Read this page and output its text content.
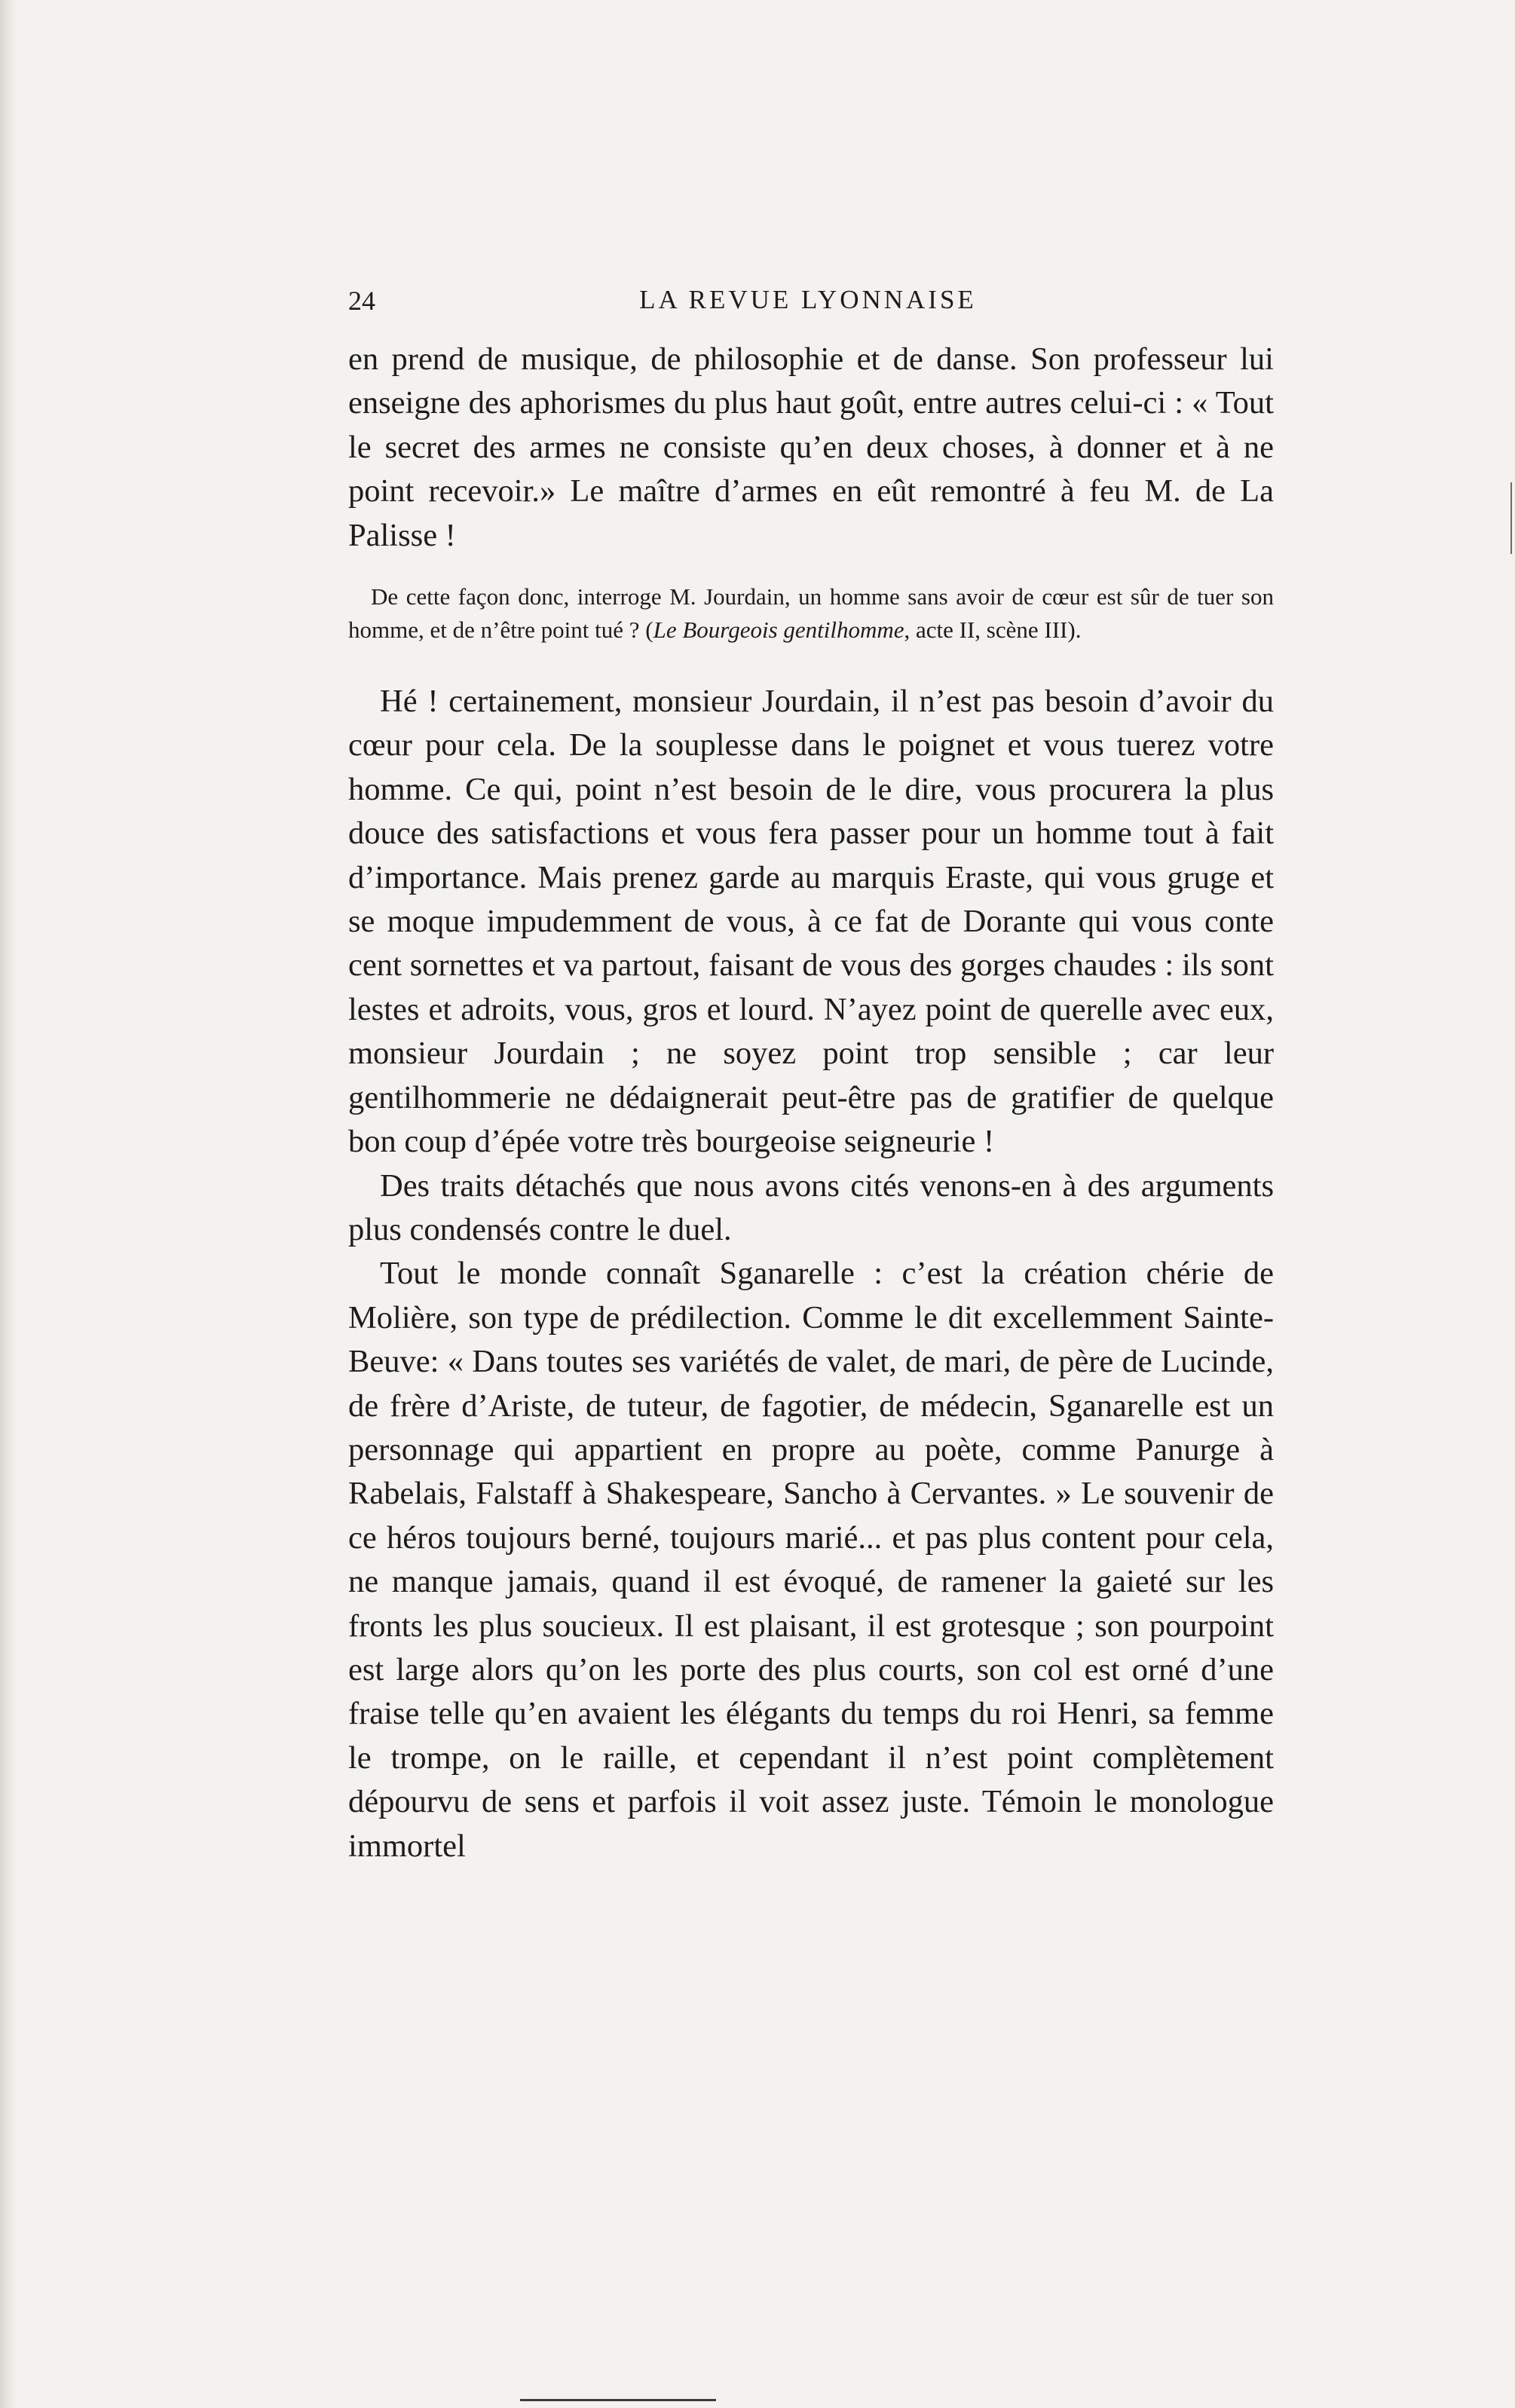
24	LA REVUE LYONNAISE

en prend de musique, de philosophie et de danse. Son professeur lui enseigne des aphorismes du plus haut goût, entre autres celui-ci : « Tout le secret des armes ne consiste qu’en deux choses, à donner et à ne point recevoir.» Le maître d’armes en eût remontré à feu M. de La Palisse !

De cette façon donc, interroge M. Jourdain, un homme sans avoir de cœur est sûr de tuer son homme, et de n’être point tué ? (Le Bourgeois gentilhomme, acte II, scène III).

Hé ! certainement, monsieur Jourdain, il n’est pas besoin d’avoir du cœur pour cela. De la souplesse dans le poignet et vous tuerez votre homme. Ce qui, point n’est besoin de le dire, vous procurera la plus douce des satisfactions et vous fera passer pour un homme tout à fait d’importance. Mais prenez garde au marquis Eraste, qui vous gruge et se moque impudemment de vous, à ce fat de Dorante qui vous conte cent sornettes et va partout, faisant de vous des gorges chaudes : ils sont lestes et adroits, vous, gros et lourd. N’ayez point de querelle avec eux, monsieur Jourdain ; ne soyez point trop sensible ; car leur gentilhommerie ne dédaignerait peut-être pas de gratifier de quelque bon coup d’épée votre très bourgeoise seigneurie !

Des traits détachés que nous avons cités venons-en à des arguments plus condensés contre le duel.

Tout le monde connaît Sganarelle : c’est la création chérie de Molière, son type de prédilection. Comme le dit excellemment Sainte-Beuve: « Dans toutes ses variétés de valet, de mari, de père de Lucinde, de frère d’Ariste, de tuteur, de fagotier, de médecin, Sganarelle est un personnage qui appartient en propre au poète, comme Panurge à Rabelais, Falstaff à Shakespeare, Sancho à Cervantes. » Le souvenir de ce héros toujours berné, toujours marié... et pas plus content pour cela, ne manque jamais, quand il est évoqué, de ramener la gaieté sur les fronts les plus soucieux. Il est plaisant, il est grotesque ; son pourpoint est large alors qu’on les porte des plus courts, son col est orné d’une fraise telle qu’en avaient les élégants du temps du roi Henri, sa femme le trompe, on le raille, et cependant il n’est point complètement dépourvu de sens et parfois il voit assez juste. Témoin le monologue immortel
